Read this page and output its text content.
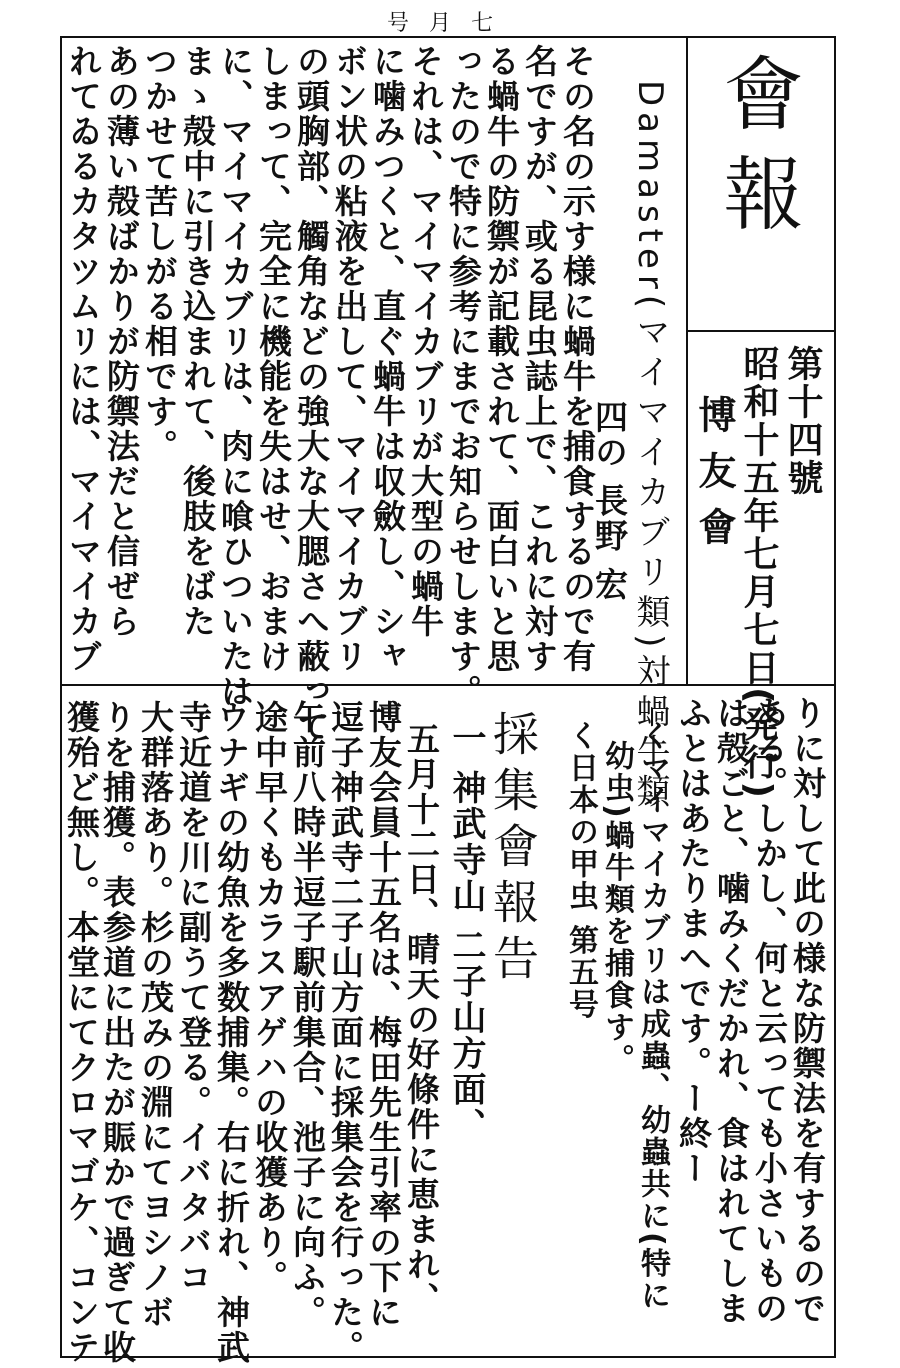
号月七
會報
第十四號
昭和十五年七月七日(発行)
博友會
Damaster(マイマイカブリ類)対蝸牛類
四の 長野 宏
その名の示す様に蝸牛を捕食するので有
名ですが、或る昆虫誌上で、これに対す
る蝸牛の防禦が記載されて、面白いと思
ったので特に参考にまでお知らせします。
それは、マイマイカブリが大型の蝸牛
に噛みつくと、直ぐ蝸牛は収斂し、シャ
ボン状の粘液を出して、マイマイカブリ
の頭胸部、觸角などの強大な大腮さへ蔽って
しまって、完全に機能を失はせ、おまけ
に、マイマイカブリは、肉に喰ひついたは
まゝ殻中に引き込まれて、後肢をばた
つかせて苦しがる相です。
あの薄い殻ばかりが防禦法だと信ぜら
れてゐるカタツムリには、マイマイカブ
りに対して此の様な防禦法を有するので
ある。しかし、何と云っても小さいもの
は殻ごと、噛みくだかれ、食はれてしま
ふとはあたりまへです。ー終ー
くマイマイカブリは成蟲、幼蟲共に(特に
幼虫)蝸牛類を捕食す。
く日本の甲虫 第五号
採集會報告
一 神武寺山 二子山方面、
五月十二日、晴天の好條件に恵まれ、
博友会員十五名は、梅田先生引率の下に
逗子神武寺二子山方面に採集会を行った。
午前八時半逗子駅前集合、池子に向ふ。
途中早くもカラスアゲハの收獲あり。
ウナギの幼魚を多数捕集。右に折れ、神武
寺近道を川に副うて登る。イバタバコ
大群落あり。杉の茂みの淵にてヨシノボ
りを捕獲。表参道に出たが賑かで過ぎて收
獲殆ど無し。本堂にてクロマゴケ、コンテ
